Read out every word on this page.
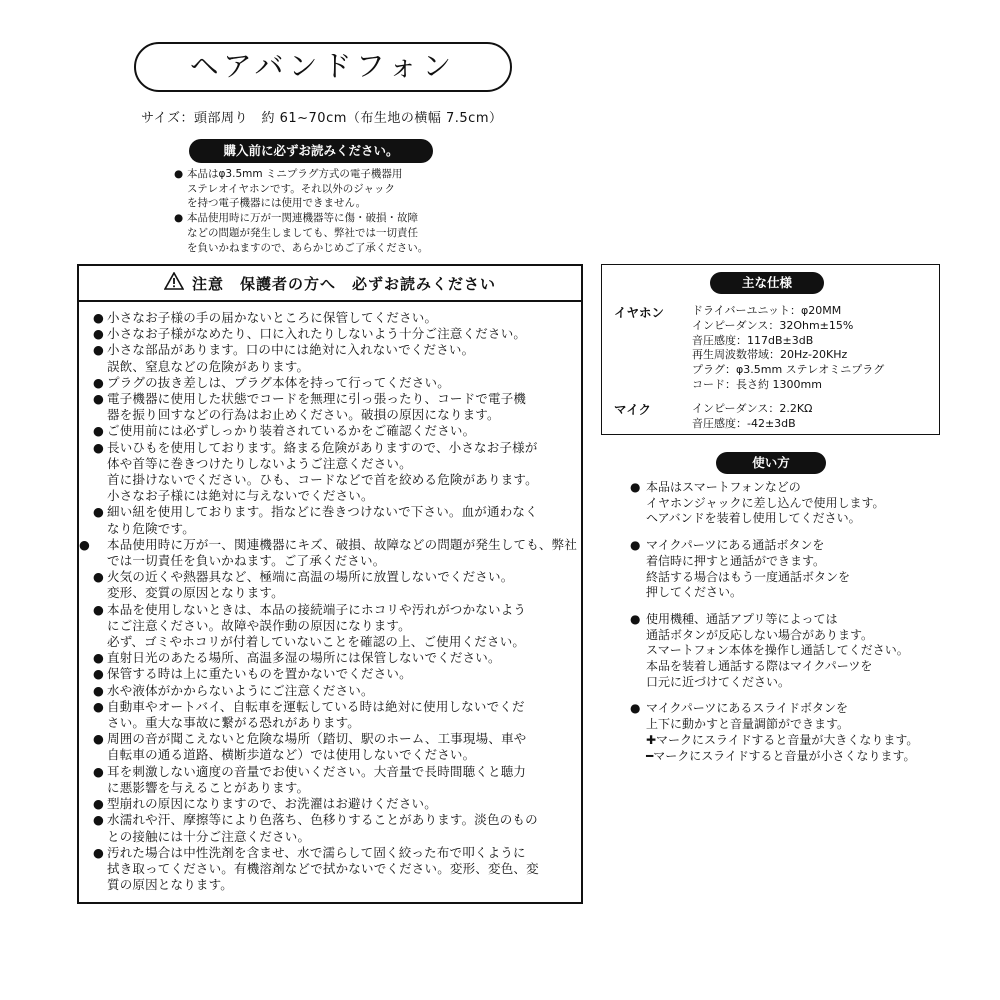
ヘアバンドフォン
サイズ：頭部周り　約 61~70cm（布生地の横幅 7.5cm）
購入前に必ずお読みください。
● 本品はφ3.5mm ミニプラグ方式の電子機器用
ステレオイヤホンです。それ以外のジャック
を持つ電子機器には使用できません。
● 本品使用時に万が一関連機器等に傷・破損・故障
などの問題が発生しましても、弊社では一切責任
を負いかねますので、あらかじめご了承ください。
注意　保護者の方へ　必ずお読みください
● 小さなお子様の手の届かないところに保管してください。
● 小さなお子様がなめたり、口に入れたりしないよう十分ご注意ください。
● 小さな部品があります。口の中には絶対に入れないでください。
誤飲、窒息などの危険があります。
● プラグの抜き差しは、プラグ本体を持って行ってください。
● 電子機器に使用した状態でコードを無理に引っ張ったり、コードで電子機
器を振り回すなどの行為はお止めください。破損の原因になります。
● ご使用前には必ずしっかり装着されているかをご確認ください。
● 長いひもを使用しております。絡まる危険がありますので、小さなお子様が
体や首等に巻きつけたりしないようご注意ください。
首に掛けないでください。ひも、コードなどで首を絞める危険があります。
小さなお子様には絶対に与えないでください。
● 細い紐を使用しております。指などに巻きつけないで下さい。血が通わなく
なり危険です。
● 本品使用時に万が一、関連機器にキズ、破損、故障などの問題が発生しても、弊社では一切責任を負いかねます。ご了承ください。
● 火気の近くや熱器具など、極端に高温の場所に放置しないでください。
変形、変質の原因となります。
● 本品を使用しないときは、本品の接続端子にホコリや汚れがつかないよう
にご注意ください。故障や誤作動の原因になります。
必ず、ゴミやホコリが付着していないことを確認の上、ご使用ください。
● 直射日光のあたる場所、高温多湿の場所には保管しないでください。
● 保管する時は上に重たいものを置かないでください。
● 水や液体がかからないようにご注意ください。
● 自動車やオートバイ、自転車を運転している時は絶対に使用しないでくだ
さい。重大な事故に繋がる恐れがあります。
● 周囲の音が聞こえないと危険な場所（踏切、駅のホーム、工事現場、車や
自転車の通る道路、横断歩道など）では使用しないでください。
● 耳を刺激しない適度の音量でお使いください。大音量で長時間聴くと聴力
に悪影響を与えることがあります。
● 型崩れの原因になりますので、お洗濯はお避けください。
● 水濡れや汗、摩擦等により色落ち、色移りすることがあります。淡色のもの
との接触には十分ご注意ください。
● 汚れた場合は中性洗剤を含ませ、水で濡らして固く絞った布で叩くように
拭き取ってください。有機溶剤などで拭かないでください。変形、変色、変
質の原因となります。
イヤホン	ドライバーユニット：φ20MM
インピーダンス：32Ohm±15%
音圧感度：117dB±3dB
再生周波数帯域：20Hz-20KHz
プラグ：φ3.5mm ステレオミニプラグ
コード：長さ約 1300mm
マイク	インピーダンス：2.2KΩ
音圧感度：-42±3dB
主な仕様
使い方
● 本品はスマートフォンなどの
イヤホンジャックに差し込んで使用します。
ヘアバンドを装着し使用してください。
● マイクパーツにある通話ボタンを
着信時に押すと通話ができます。
終話する場合はもう一度通話ボタンを
押してください。
● 使用機種、通話アプリ等によっては
通話ボタンが反応しない場合があります。
スマートフォン本体を操作し通話してください。
本品を装着し通話する際はマイクパーツを
口元に近づけてください。
● マイクパーツにあるスライドボタンを
上下に動かすと音量調節ができます。
✚マークにスライドすると音量が大きくなります。
━マークにスライドすると音量が小さくなります。
